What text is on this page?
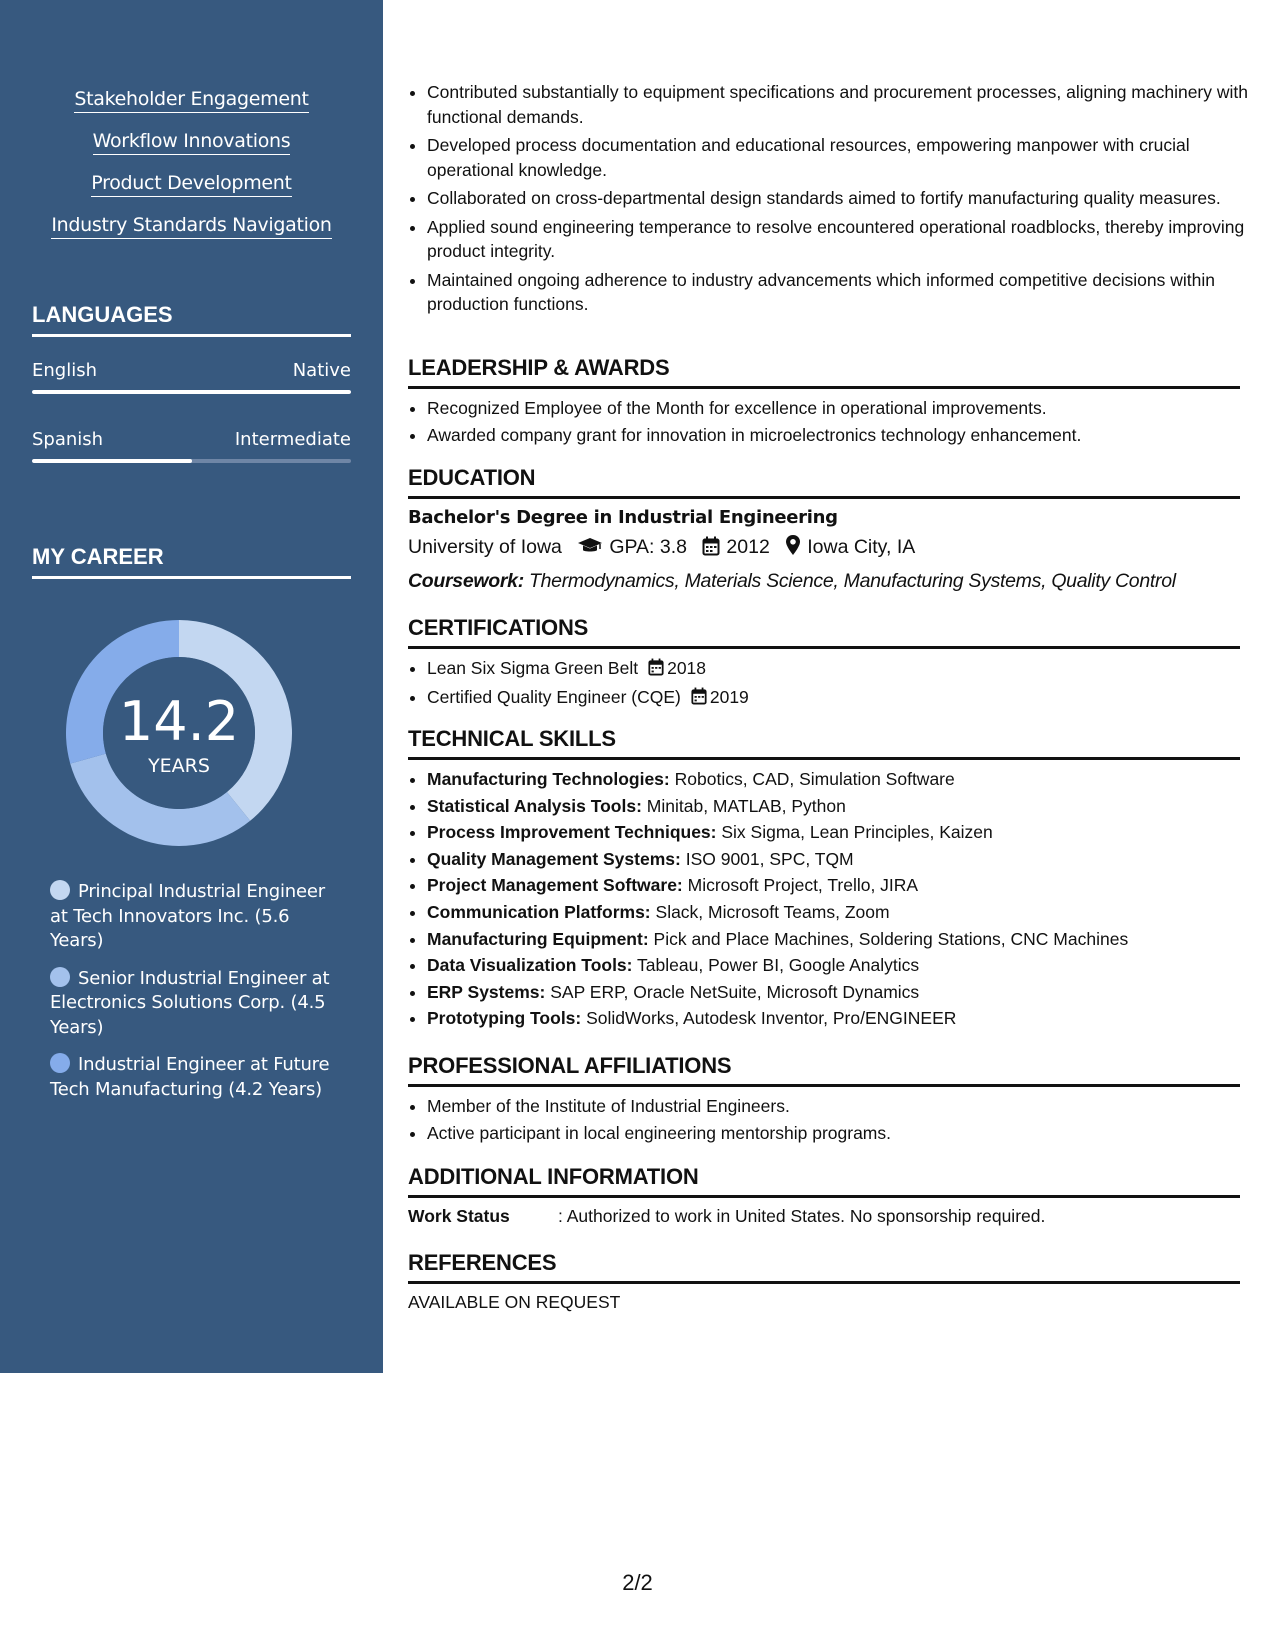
Stakeholder Engagement
Workflow Innovations
Product Development
Industry Standards Navigation
LANGUAGES
English	Native
Spanish	Intermediate
MY CAREER
14.2
YEARS
Principal Industrial Engineer at Tech Innovators Inc. (5.6 Years)
Senior Industrial Engineer at Electronics Solutions Corp. (4.5 Years)
Industrial Engineer at Future Tech Manufacturing (4.2 Years)
• Contributed substantially to equipment specifications and procurement processes, aligning machinery with functional demands.
• Developed process documentation and educational resources, empowering manpower with crucial operational knowledge.
• Collaborated on cross-departmental design standards aimed to fortify manufacturing quality measures.
• Applied sound engineering temperance to resolve encountered operational roadblocks, thereby improving product integrity.
• Maintained ongoing adherence to industry advancements which informed competitive decisions within production functions.
LEADERSHIP & AWARDS
• Recognized Employee of the Month for excellence in operational improvements.
• Awarded company grant for innovation in microelectronics technology enhancement.
EDUCATION
Bachelor's Degree in Industrial Engineering
University of Iowa GPA: 3.8 2012 Iowa City, IA
Coursework: Thermodynamics, Materials Science, Manufacturing Systems, Quality Control
CERTIFICATIONS
• Lean Six Sigma Green Belt 2018
• Certified Quality Engineer (CQE) 2019
TECHNICAL SKILLS
• Manufacturing Technologies: Robotics, CAD, Simulation Software
• Statistical Analysis Tools: Minitab, MATLAB, Python
• Process Improvement Techniques: Six Sigma, Lean Principles, Kaizen
• Quality Management Systems: ISO 9001, SPC, TQM
• Project Management Software: Microsoft Project, Trello, JIRA
• Communication Platforms: Slack, Microsoft Teams, Zoom
• Manufacturing Equipment: Pick and Place Machines, Soldering Stations, CNC Machines
• Data Visualization Tools: Tableau, Power BI, Google Analytics
• ERP Systems: SAP ERP, Oracle NetSuite, Microsoft Dynamics
• Prototyping Tools: SolidWorks, Autodesk Inventor, Pro/ENGINEER
PROFESSIONAL AFFILIATIONS
• Member of the Institute of Industrial Engineers.
• Active participant in local engineering mentorship programs.
ADDITIONAL INFORMATION
Work Status	: Authorized to work in United States. No sponsorship required.
REFERENCES
AVAILABLE ON REQUEST
2/2
